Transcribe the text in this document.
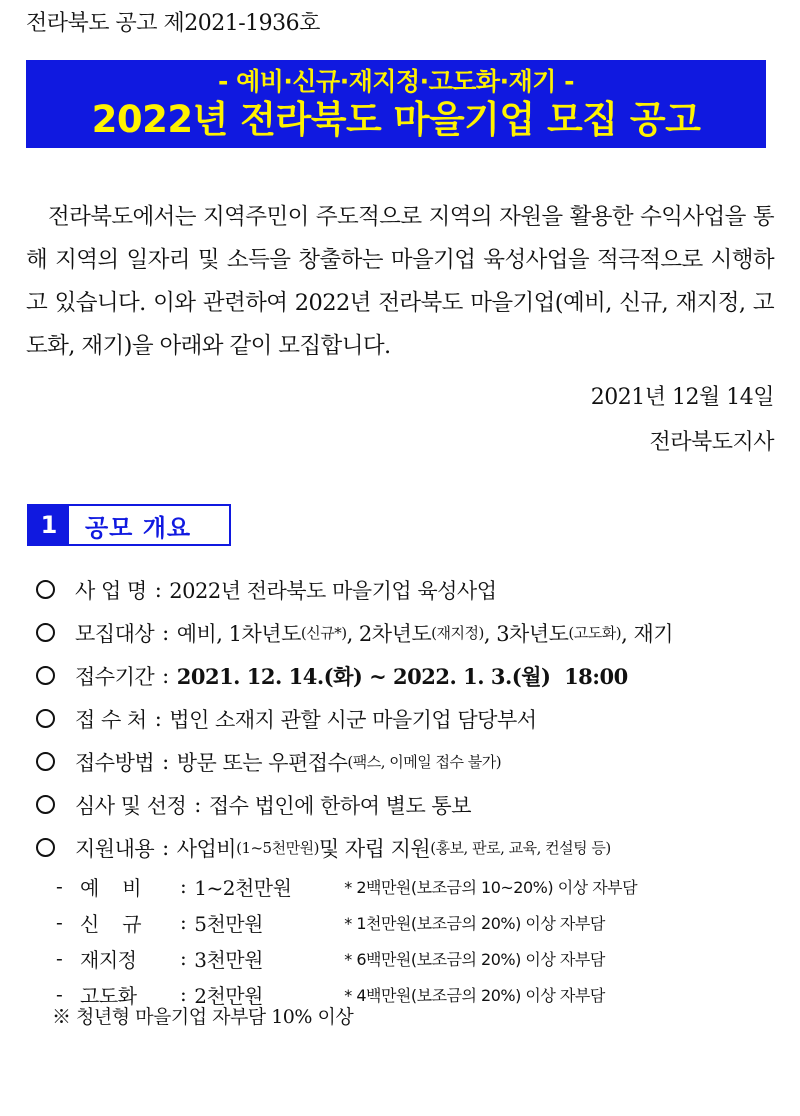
전라북도 공고 제2021-1936호
- 예비·신규·재지정·고도화·재기 -
2022년 전라북도 마을기업 모집 공고
전라북도에서는 지역주민이 주도적으로 지역의 자원을 활용한 수익사업을 통해 지역의 일자리 및 소득을 창출하는 마을기업 육성사업을 적극적으로 시행하고 있습니다. 이와 관련하여 2022년 전라북도 마을기업(예비, 신규, 재지정, 고도화, 재기)을 아래와 같이 모집합니다.
2021년 12월 14일
전라북도지사
1	공모 개요
사 업 명 : 2022년 전라북도 마을기업 육성사업
모집대상 : 예비, 1차년도 (신규*) , 2차년도 (재지정) , 3차년도 (고도화) , 재기
접수기간 : 2021. 12. 14.(화) ~ 2022. 1. 3.(월)  18:00
접 수 처 : 법인 소재지 관할 시군 마을기업 담당부서
접수방법 : 방문 또는 우편접수 (팩스, 이메일 접수 불가)
심사 및 선정 : 접수 법인에 한하여 별도 통보
지원내용 : 사업비 (1~5천만원) 및 자립 지원 (홍보, 판로, 교육, 컨설팅 등)
- 예    비	: 1~2천만원	* 2백만원(보조금의 10~20%) 이상 자부담
- 신    규	: 5천만원	* 1천만원(보조금의 20%) 이상 자부담
- 재지정	: 3천만원	* 6백만원(보조금의 20%) 이상 자부담
- 고도화	: 2천만원	* 4백만원(보조금의 20%) 이상 자부담
※ 청년형 마을기업 자부담 10% 이상
